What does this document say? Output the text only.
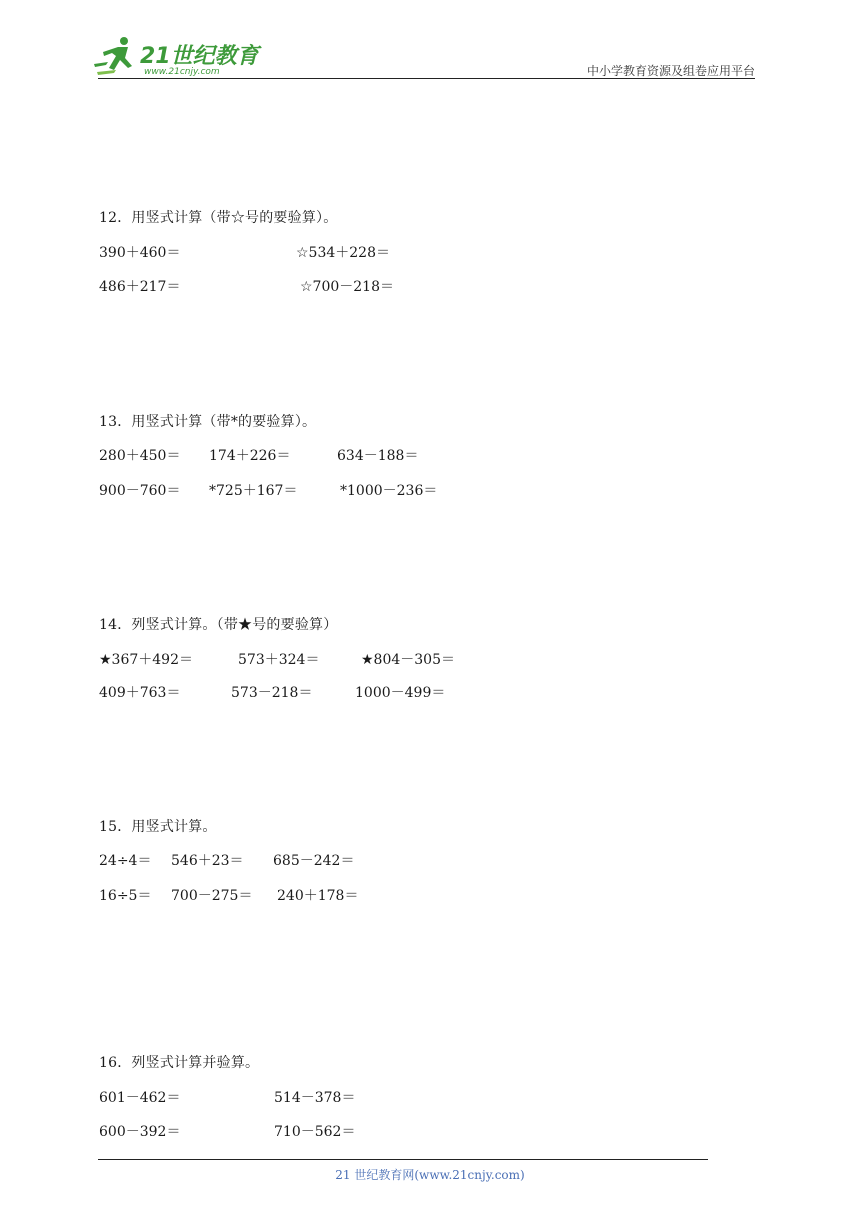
21世纪教育
www.21cnjy.com	中小学教育资源及组卷应用平台
12．用竖式计算（带☆号的要验算）。
390＋460＝	☆534＋228＝
486＋217＝	☆700－218＝
13．用竖式计算（带*的要验算）。
280＋450＝ 174＋226＝	634－188＝
900－760＝ *725＋167＝	*1000－236＝
14．列竖式计算。（带★号的要验算）
★367＋492＝	573＋324＝	★804－305＝
409＋763＝	573－218＝	1000－499＝
15．用竖式计算。
24÷4＝ 546＋23＝ 685－242＝
16÷5＝ 700－275＝ 240＋178＝
16．列竖式计算并验算。
601－462＝	514－378＝
600－392＝	710－562＝
21 世纪教育网(www.21cnjy.com)
